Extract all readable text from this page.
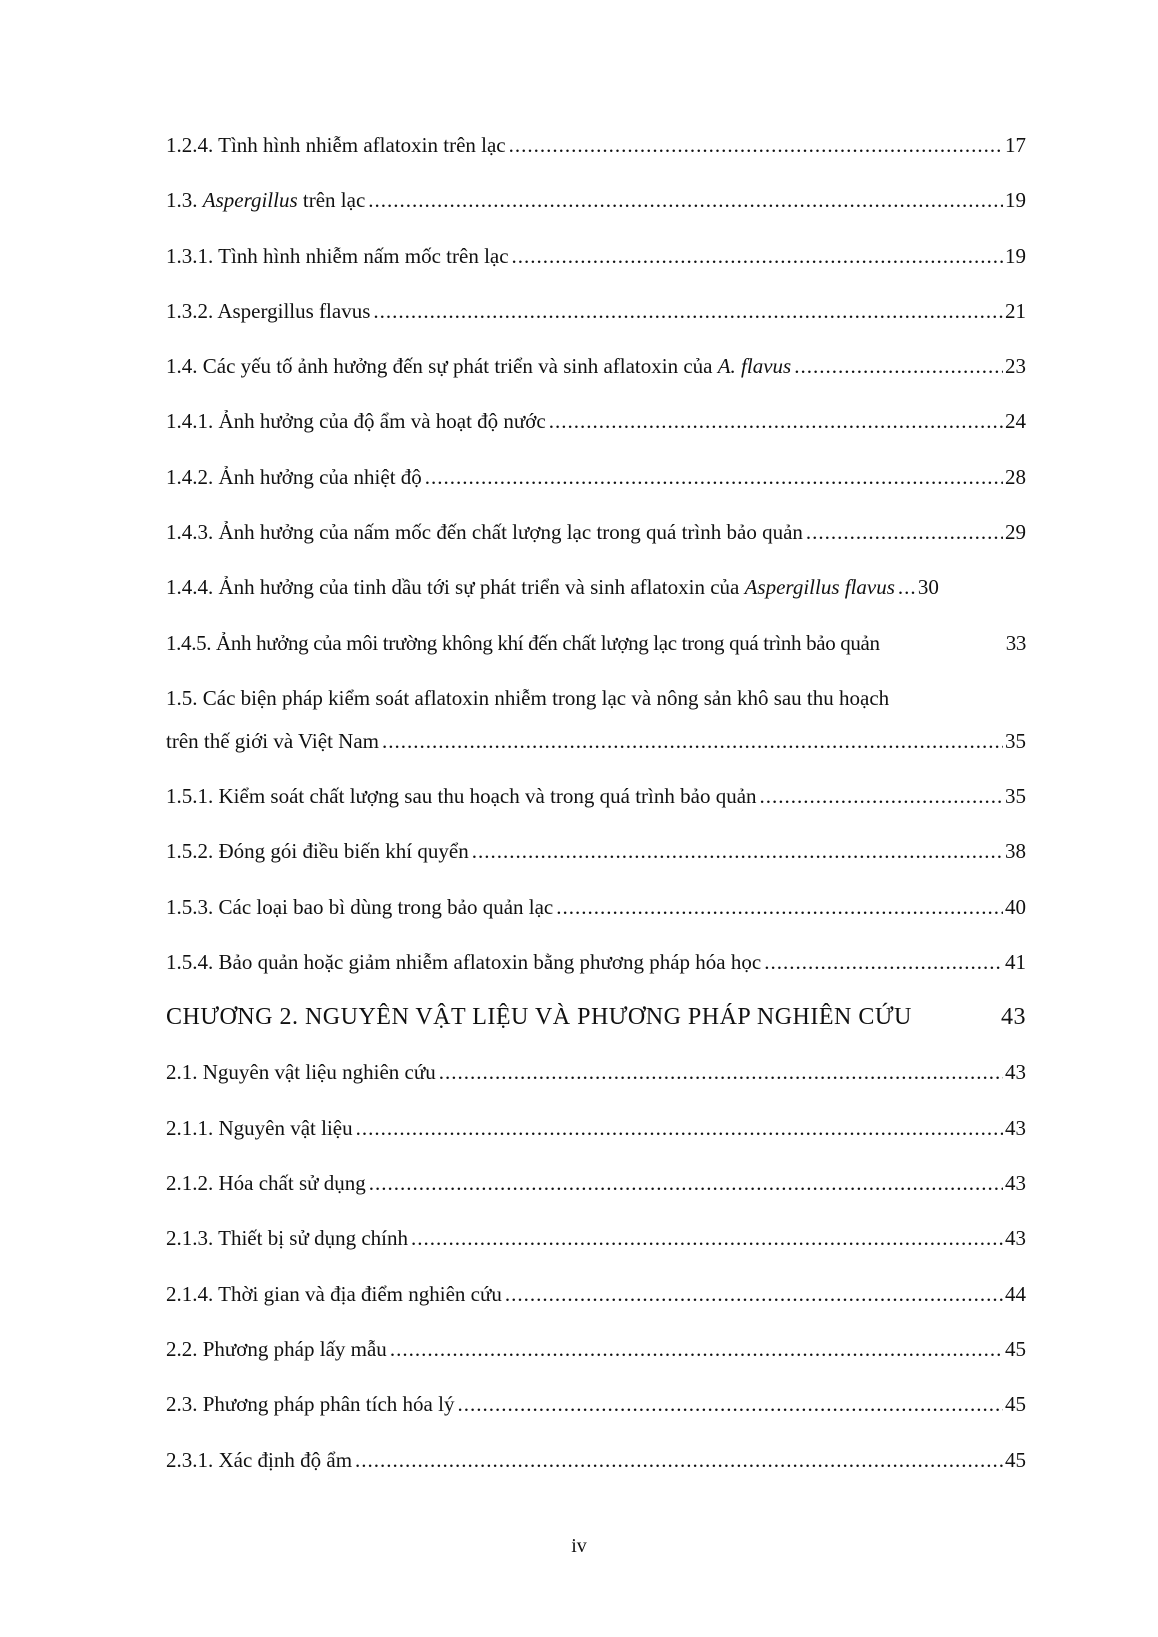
1.2.4. Tình hình nhiễm aflatoxin trên lạc .....	17
1.3. Aspergillus trên lạc .....	19
1.3.1. Tình hình nhiễm nấm mốc trên lạc .....	19
1.3.2. Aspergillus flavus .....	21
1.4. Các yếu tố ảnh hưởng đến sự phát triển và sinh aflatoxin của A. flavus .....	23
1.4.1. Ảnh hưởng của độ ẩm và hoạt độ nước .....	24
1.4.2. Ảnh hưởng của nhiệt độ .....	28
1.4.3. Ảnh hưởng của nấm mốc đến chất lượng lạc trong quá trình bảo quản .....	29
1.4.4. Ảnh hưởng của tinh dầu tới sự phát triển và sinh aflatoxin của Aspergillus flavus ..... 30
1.4.5. Ảnh hưởng của môi trường không khí đến chất lượng lạc trong quá trình bảo quản	33
1.5. Các biện pháp kiểm soát aflatoxin nhiễm trong lạc và nông sản khô sau thu hoạch
trên thế giới và Việt Nam .....	35
1.5.1. Kiểm soát chất lượng sau thu hoạch và trong quá trình bảo quản .....	35
1.5.2. Đóng gói điều biến khí quyển .....	38
1.5.3. Các loại bao bì dùng trong bảo quản lạc .....	40
1.5.4. Bảo quản hoặc giảm nhiễm aflatoxin bằng phương pháp hóa học .....	41
CHƯƠNG 2. NGUYÊN VẬT LIỆU VÀ PHƯƠNG PHÁP NGHIÊN CỨU	43
2.1. Nguyên vật liệu nghiên cứu .....	43
2.1.1. Nguyên vật liệu .....	43
2.1.2. Hóa chất sử dụng .....	43
2.1.3. Thiết bị sử dụng chính .....	43
2.1.4. Thời gian và địa điểm nghiên cứu .....	44
2.2. Phương pháp lấy mẫu .....	45
2.3. Phương pháp phân tích hóa lý .....	45
2.3.1. Xác định độ ẩm .....	45
iv
